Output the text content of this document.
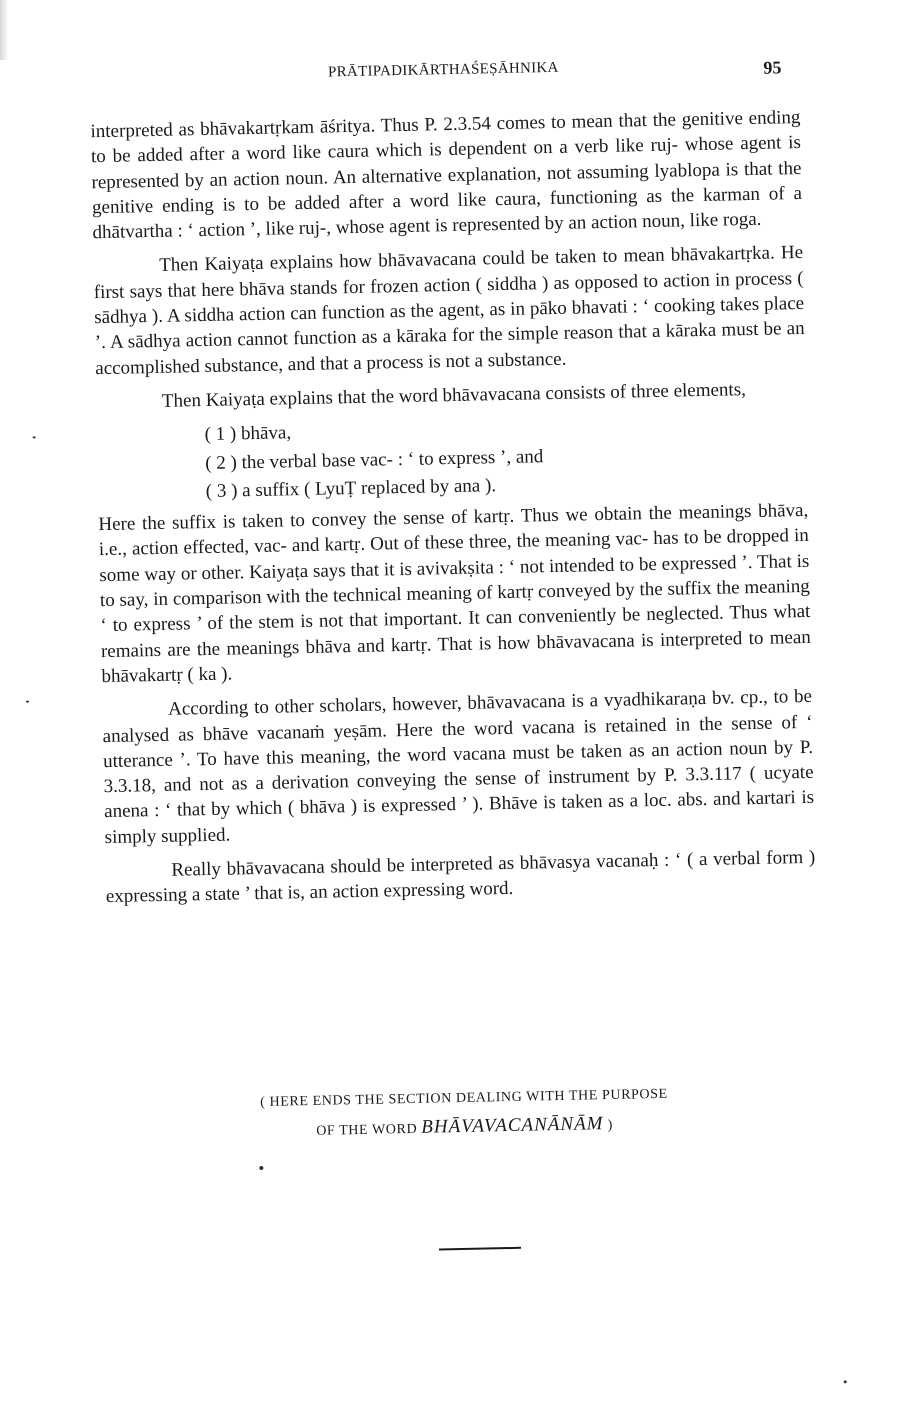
PRĀTIPADIKĀRTHAŚEṢĀHNIKA	95

interpreted as bhāvakartṛkam āśritya. Thus P. 2.3.54 comes to mean that the genitive ending to be added after a word like caura which is dependent on a verb like ruj- whose agent is represented by an action noun. An alternative explanation, not assuming lyablopa is that the genitive ending is to be added after a word like caura, functioning as the karman of a dhātvartha : ‘ action ’, like ruj-, whose agent is represented by an action noun, like roga.

Then Kaiyaṭa explains how bhāvavacana could be taken to mean bhāvakartṛka. He first says that here bhāva stands for frozen action ( siddha ) as opposed to action in process ( sādhya ). A siddha action can function as the agent, as in pāko bhavati : ‘ cooking takes place ’. A sādhya action cannot function as a kāraka for the simple reason that a kāraka must be an accomplished substance, and that a process is not a substance.

Then Kaiyaṭa explains that the word bhāvavacana consists of three elements,

( 1 ) bhāva,
( 2 ) the verbal base vac- : ‘ to express ’, and
( 3 ) a suffix ( LyuṬ replaced by ana ).

Here the suffix is taken to convey the sense of kartṛ. Thus we obtain the meanings bhāva, i.e., action effected, vac- and kartṛ. Out of these three, the meaning vac- has to be dropped in some way or other. Kaiyaṭa says that it is avivakṣita : ‘ not intended to be expressed ’. That is to say, in comparison with the technical meaning of kartṛ conveyed by the suffix the meaning ‘ to express ’ of the stem is not that important. It can conveniently be neglected. Thus what remains are the meanings bhāva and kartṛ. That is how bhāvavacana is interpreted to mean bhāvakartṛ ( ka ).

According to other scholars, however, bhāvavacana is a vyadhikaraṇa bv. cp., to be analysed as bhāve vacanaṁ yeṣām. Here the word vacana is retained in the sense of ‘ utterance ’. To have this meaning, the word vacana must be taken as an action noun by P. 3.3.18, and not as a derivation conveying the sense of instrument by P. 3.3.117 ( ucyate anena : ‘ that by which ( bhāva ) is expressed ’ ). Bhāve is taken as a loc. abs. and kartari is simply supplied.

Really bhāvavacana should be interpreted as bhāvasya vacanaḥ : ‘ ( a verbal form ) expressing a state ’ that is, an action expressing word.

( HERE ENDS THE SECTION DEALING WITH THE PURPOSE
OF THE WORD BHĀVAVACANĀNĀM )
